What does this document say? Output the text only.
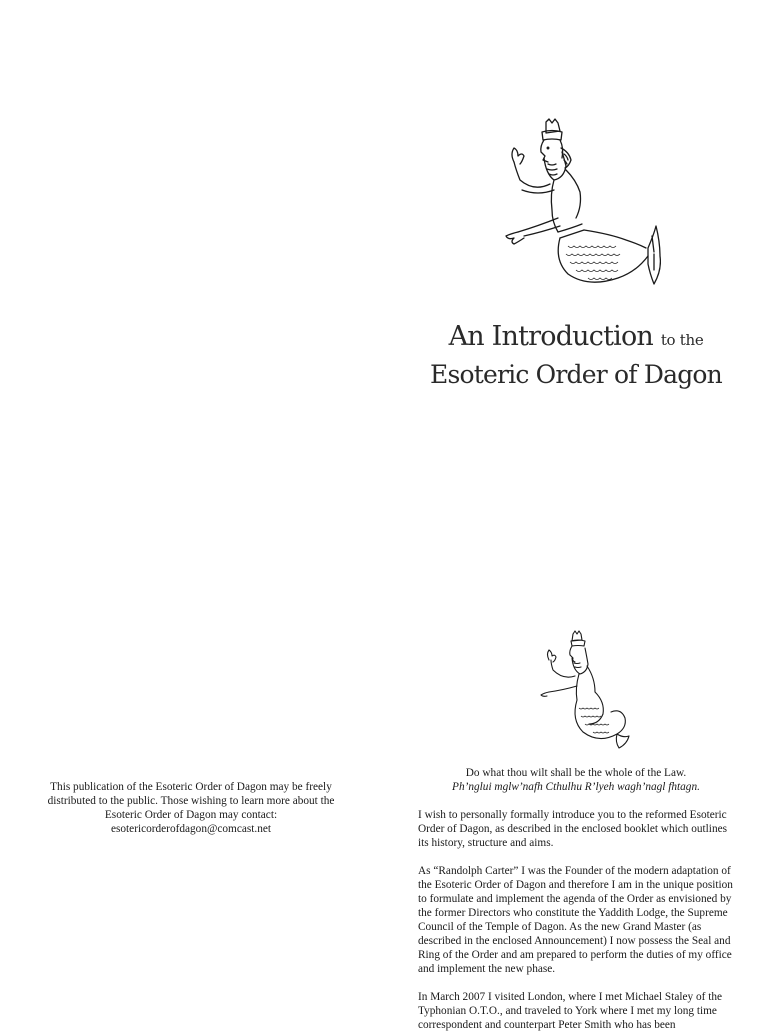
This publication of the Esoteric Order of Dagon may be freely
distributed to the public. Those wishing to learn more about the
Esoteric Order of Dagon may contact:
esotericorderofdagon@comcast.net
An Introduction to the
Esoteric Order of Dagon
Do what thou wilt shall be the whole of the Law.
Ph’nglui mglw’nafh Cthulhu R’lyeh wagh’nagl fhtagn.
I wish to personally formally introduce you to the reformed Esoteric Order of Dagon, as described in the enclosed booklet which outlines its history, structure and aims.
As “Randolph Carter” I was the Founder of the modern adaptation of the Esoteric Order of Dagon and therefore I am in the unique position to formulate and implement the agenda of the Order as envisioned by the former Directors who constitute the Yaddith Lodge, the Supreme Council of the Temple of Dagon. As the new Grand Master (as described in the enclosed Announcement) I now possess the Seal and Ring of the Order and am prepared to perform the duties of my office and implement the new phase.
In March 2007 I visited London, where I met Michael Staley of the Typhonian O.T.O., and traveled to York where I met my long time correspondent and counterpart Peter Smith who has been
